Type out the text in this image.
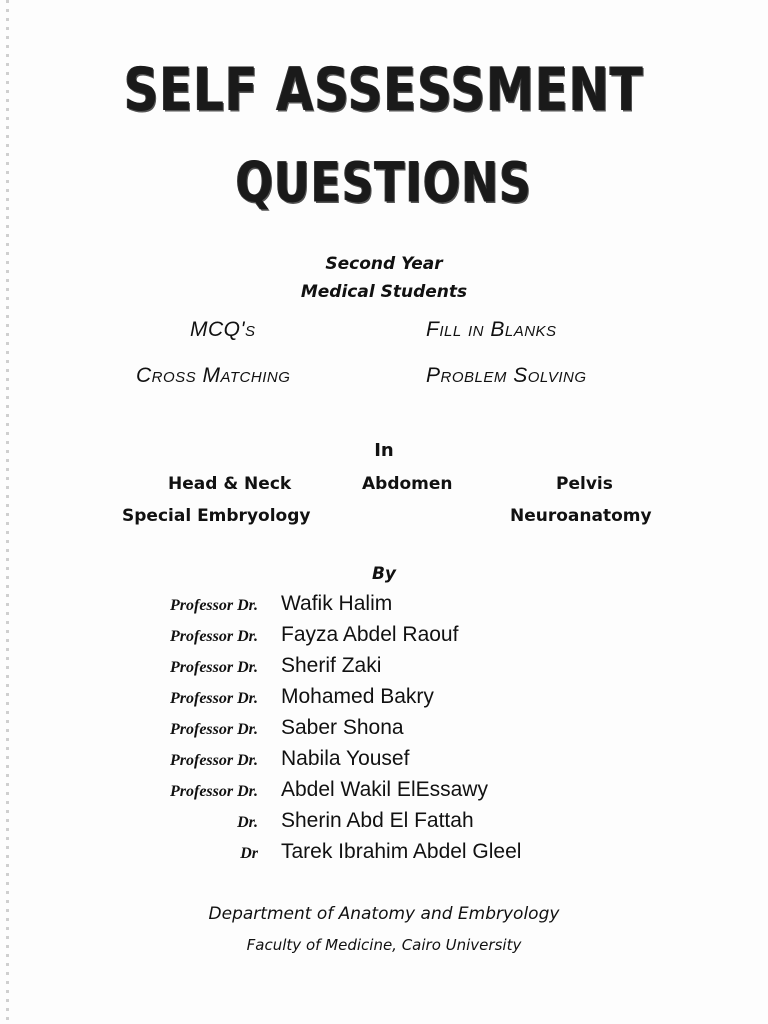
SELF ASSESSMENT
QUESTIONS
Second Year
Medical Students
MCQ's	Fill in Blanks
Cross Matching	Problem Solving
In
Head & Neck	Abdomen	Pelvis
Special Embryology	Neuroanatomy
By
Professor Dr. Wafik Halim
Professor Dr. Fayza Abdel Raouf
Professor Dr. Sherif Zaki
Professor Dr. Mohamed Bakry
Professor Dr. Saber Shona
Professor Dr. Nabila Yousef
Professor Dr. Abdel Wakil ElEssawy
Dr. Sherin Abd El Fattah
Dr Tarek Ibrahim Abdel Gleel
Department of Anatomy and Embryology
Faculty of Medicine, Cairo University
